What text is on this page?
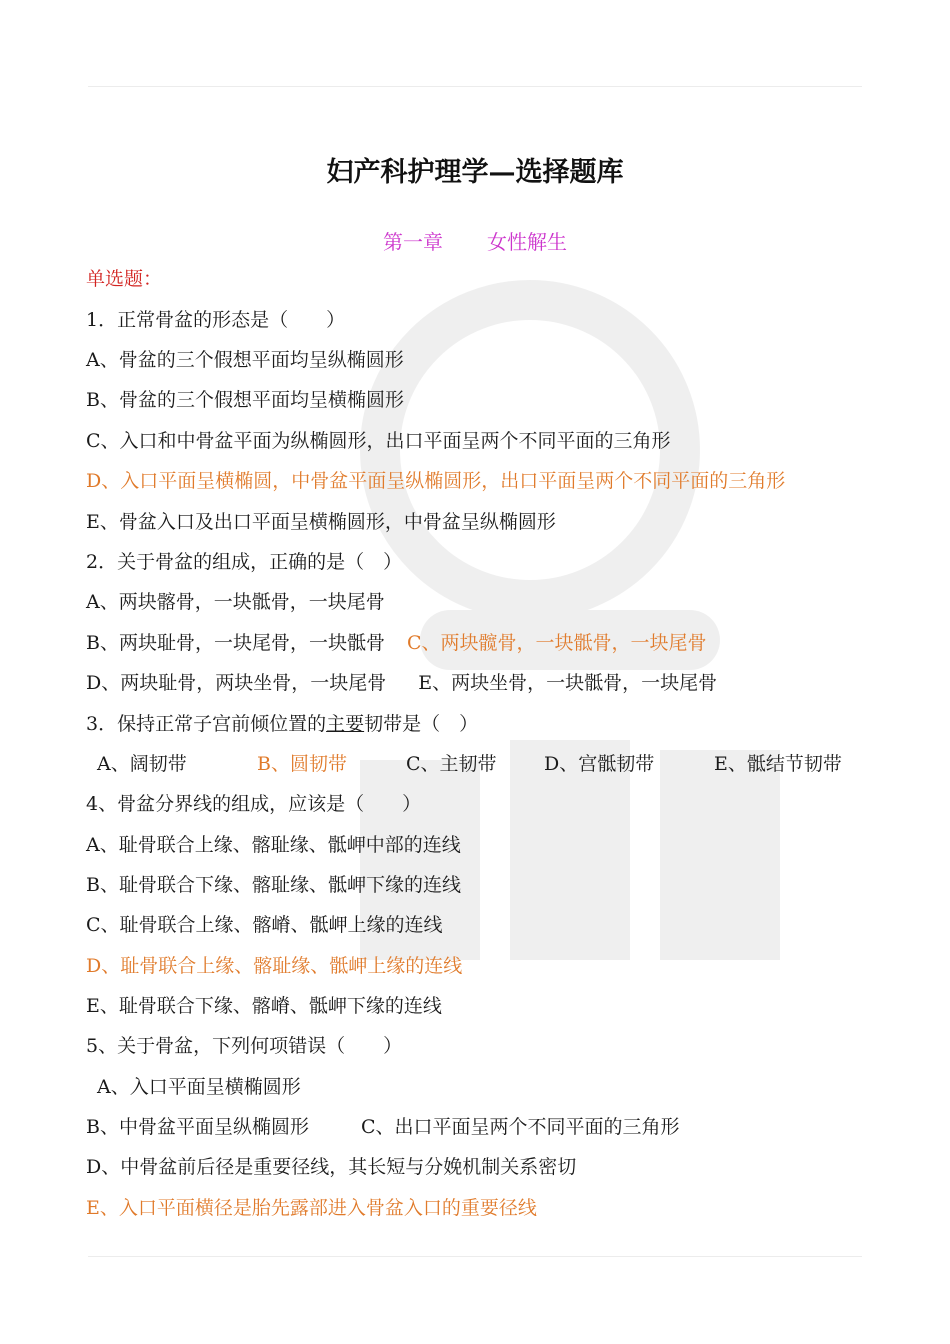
妇产科护理学—选择题库
第一章 女性解生
单选题：
1．正常骨盆的形态是（　　）
A、骨盆的三个假想平面均呈纵椭圆形
B、骨盆的三个假想平面均呈横椭圆形
C、入口和中骨盆平面为纵椭圆形，出口平面呈两个不同平面的三角形
D、入口平面呈横椭圆，中骨盆平面呈纵椭圆形，出口平面呈两个不同平面的三角形
E、骨盆入口及出口平面呈横椭圆形，中骨盆呈纵椭圆形
2．关于骨盆的组成，正确的是（　）
A、两块髂骨，一块骶骨，一块尾骨
B、两块耻骨，一块尾骨，一块骶骨 C、两块髋骨，一块骶骨，一块尾骨
D、两块耻骨，两块坐骨，一块尾骨 E、两块坐骨，一块骶骨，一块尾骨
3．保持正常子宫前倾位置的主要韧带是（　）
A、阔韧带	B、圆韧带	C、主韧带 D、宫骶韧带	E、骶结节韧带
4、骨盆分界线的组成，应该是（　　）
A、耻骨联合上缘、髂耻缘、骶岬中部的连线
B、耻骨联合下缘、髂耻缘、骶岬下缘的连线
C、耻骨联合上缘、髂嵴、骶岬上缘的连线
D、耻骨联合上缘、髂耻缘、骶岬上缘的连线
E、耻骨联合下缘、髂嵴、骶岬下缘的连线
5、关于骨盆，下列何项错误（　　）
A、入口平面呈横椭圆形
B、中骨盆平面呈纵椭圆形	C、出口平面呈两个不同平面的三角形
D、中骨盆前后径是重要径线，其长短与分娩机制关系密切
E、入口平面横径是胎先露部进入骨盆入口的重要径线
